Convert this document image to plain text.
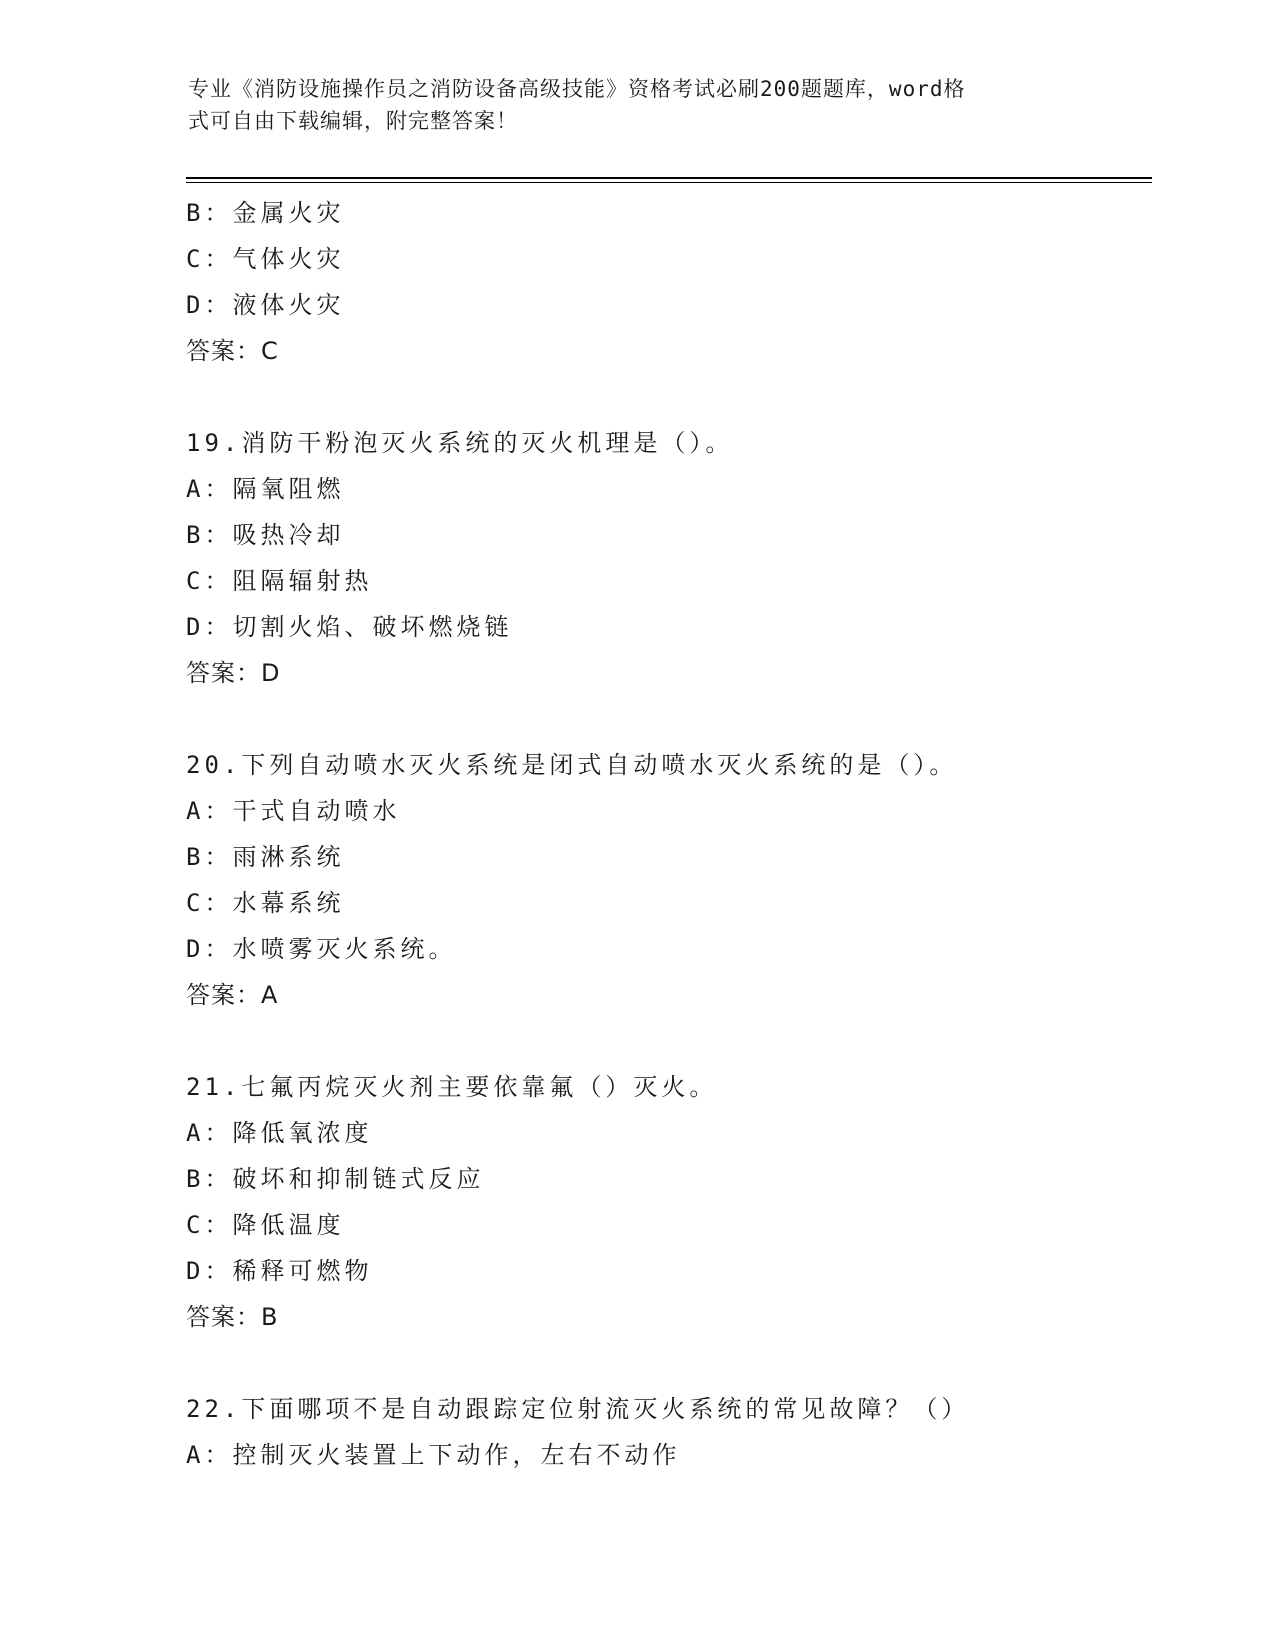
专业《消防设施操作员之消防设备高级技能》资格考试必刷200题题库，word格
式可自由下载编辑，附完整答案！
B：金属火灾
C：气体火灾
D：液体火灾
答案：C
19.消防干粉泡灭火系统的灭火机理是（）。
A：隔氧阻燃
B：吸热冷却
C：阻隔辐射热
D：切割火焰、破坏燃烧链
答案：D
20.下列自动喷水灭火系统是闭式自动喷水灭火系统的是（）。
A：干式自动喷水
B：雨淋系统
C：水幕系统
D：水喷雾灭火系统。
答案：A
21.七氟丙烷灭火剂主要依靠氟（）灭火。
A：降低氧浓度
B：破坏和抑制链式反应
C：降低温度
D：稀释可燃物
答案：B
22.下面哪项不是自动跟踪定位射流灭火系统的常见故障？（）
A：控制灭火装置上下动作，左右不动作
